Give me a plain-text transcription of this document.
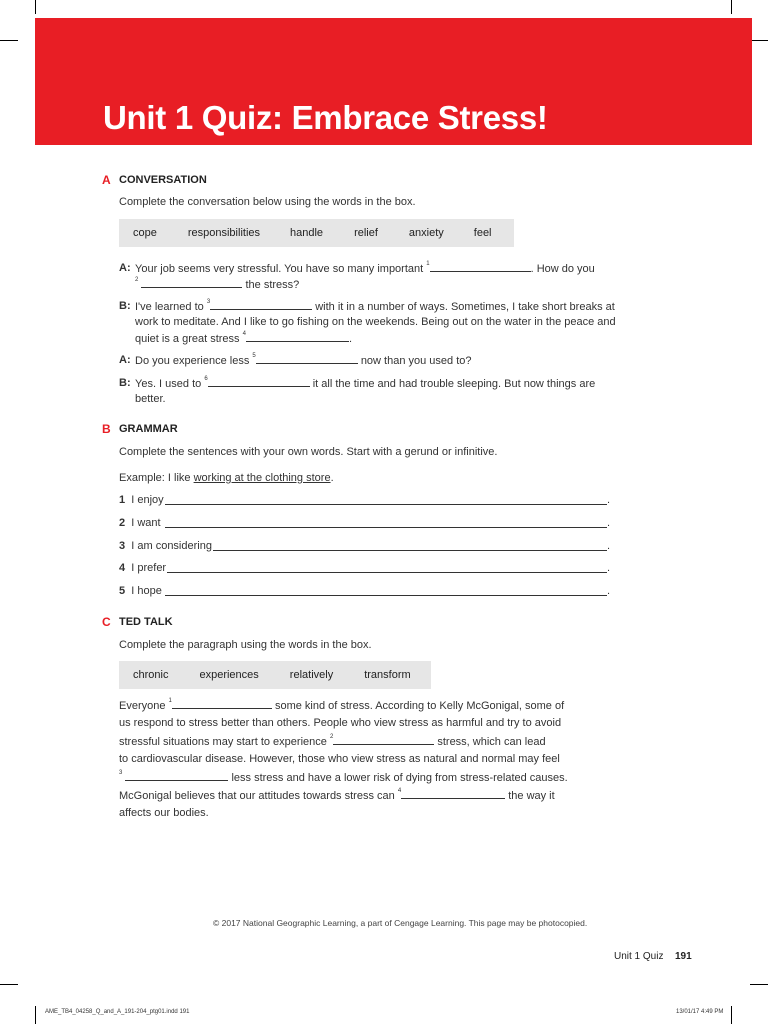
Unit 1 Quiz: Embrace Stress!
A CONVERSATION
Complete the conversation below using the words in the box.
cope	responsibilities	handle	relief	anxiety	feel
A: Your job seems very stressful. You have so many important $^1$	. How do you
$^2$	the stress?
B: I've learned to $^3$	with it in a number of ways. Sometimes, I take short breaks at
work to meditate. And I like to go fishing on the weekends. Being out on the water in the peace and
quiet is a great stress $^4$	.
A: Do you experience less $^5$	now than you used to?
B: Yes. I used to $^6$	it all the time and had trouble sleeping. But now things are
better.
B GRAMMAR
Complete the sentences with your own words. Start with a gerund or infinitive.
Example: I like working at the clothing store.
1 I enjoy	.
2 I want	.
3 I am considering	.
4 I prefer	.
5 I hope	.
C TED TALK
Complete the paragraph using the words in the box.
chronic	experiences	relatively	transform
Everyone $^1$	some kind of stress. According to Kelly McGonigal, some of
us respond to stress better than others. People who view stress as harmful and try to avoid
stressful situations may start to experience $^2$	stress, which can lead
to cardiovascular disease. However, those who view stress as natural and normal may feel
$^3$	less stress and have a lower risk of dying from stress-related causes.
McGonigal believes that our attitudes towards stress can $^4$	the way it
affects our bodies.
© 2017 National Geographic Learning, a part of Cengage Learning. This page may be photocopied.
Unit 1 Quiz 191
AME_TB4_04258_Q_and_A_191-204_ptg01.indd 191	13/01/17 4:49 PM
